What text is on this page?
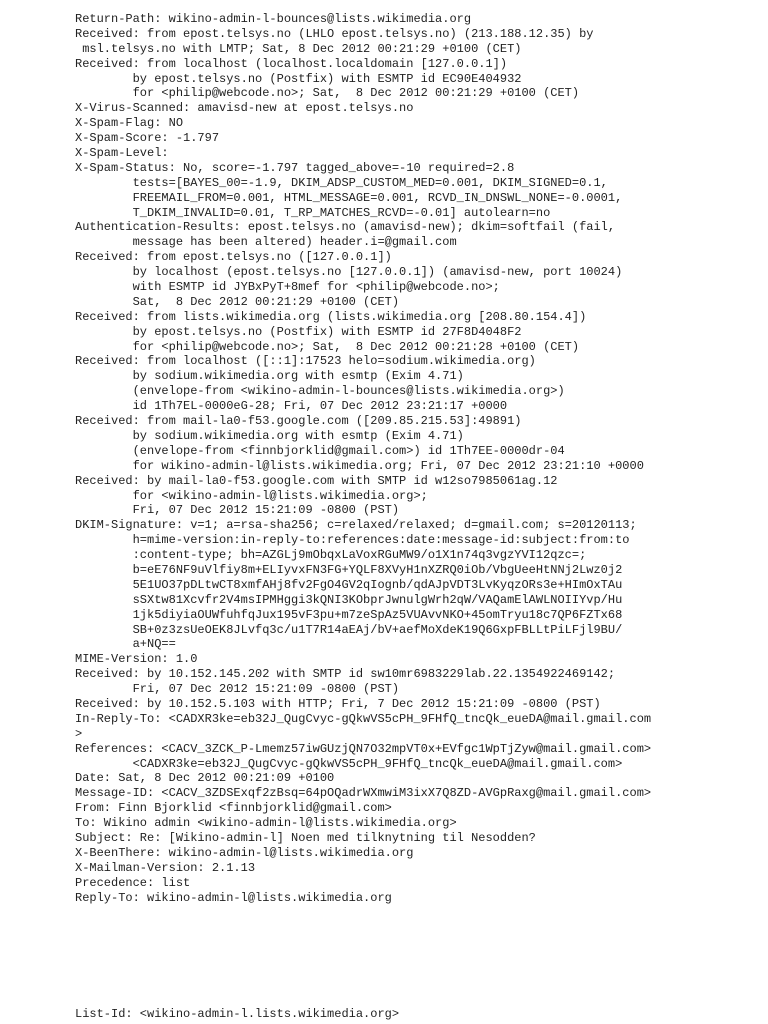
Return-Path: wikino-admin-l-bounces@lists.wikimedia.org
Received: from epost.telsys.no (LHLO epost.telsys.no) (213.188.12.35) by
msl.telsys.no with LMTP; Sat, 8 Dec 2012 00:21:29 +0100 (CET)
Received: from localhost (localhost.localdomain [127.0.0.1])
by epost.telsys.no (Postfix) with ESMTP id EC90E404932
for <philip@webcode.no>; Sat,  8 Dec 2012 00:21:29 +0100 (CET)
X-Virus-Scanned: amavisd-new at epost.telsys.no
X-Spam-Flag: NO
X-Spam-Score: -1.797
X-Spam-Level:
X-Spam-Status: No, score=-1.797 tagged_above=-10 required=2.8
tests=[BAYES_00=-1.9, DKIM_ADSP_CUSTOM_MED=0.001, DKIM_SIGNED=0.1,
FREEMAIL_FROM=0.001, HTML_MESSAGE=0.001, RCVD_IN_DNSWL_NONE=-0.0001,
T_DKIM_INVALID=0.01, T_RP_MATCHES_RCVD=-0.01] autolearn=no
Authentication-Results: epost.telsys.no (amavisd-new); dkim=softfail (fail,
message has been altered) header.i=@gmail.com
Received: from epost.telsys.no ([127.0.0.1])
by localhost (epost.telsys.no [127.0.0.1]) (amavisd-new, port 10024)
with ESMTP id JYBxPyT+8mef for <philip@webcode.no>;
Sat,  8 Dec 2012 00:21:29 +0100 (CET)
Received: from lists.wikimedia.org (lists.wikimedia.org [208.80.154.4])
by epost.telsys.no (Postfix) with ESMTP id 27F8D4048F2
for <philip@webcode.no>; Sat,  8 Dec 2012 00:21:28 +0100 (CET)
Received: from localhost ([::1]:17523 helo=sodium.wikimedia.org)
by sodium.wikimedia.org with esmtp (Exim 4.71)
(envelope-from <wikino-admin-l-bounces@lists.wikimedia.org>)
id 1Th7EL-0000eG-28; Fri, 07 Dec 2012 23:21:17 +0000
Received: from mail-la0-f53.google.com ([209.85.215.53]:49891)
by sodium.wikimedia.org with esmtp (Exim 4.71)
(envelope-from <finnbjorklid@gmail.com>) id 1Th7EE-0000dr-04
for wikino-admin-l@lists.wikimedia.org; Fri, 07 Dec 2012 23:21:10 +0000
Received: by mail-la0-f53.google.com with SMTP id w12so7985061ag.12
for <wikino-admin-l@lists.wikimedia.org>;
Fri, 07 Dec 2012 15:21:09 -0800 (PST)
DKIM-Signature: v=1; a=rsa-sha256; c=relaxed/relaxed; d=gmail.com; s=20120113;
h=mime-version:in-reply-to:references:date:message-id:subject:from:to
:content-type; bh=AZGLj9mObqxLaVoxRGuMW9/o1X1n74q3vgzYVI12qzc=;
b=eE76NF9uVlfiy8m+ELIyvxFN3FG+YQLF8XVyH1nXZRQ0iOb/VbgUeeHtNNj2Lwz0j2
5E1UO37pDLtwCT8xmfAHj8fv2FgO4GV2qIognb/qdAJpVDT3LvKyqzORs3e+HImOxTAu
sSXtw81Xcvfr2V4msIPMHggi3kQNI3KObprJwnulgWrh2qW/VAQamElAWLNOIIYvp/Hu
1jk5diyiaOUWfuhfqJux195vF3pu+m7zeSpAz5VUAvvNKO+45omTryu18c7QP6FZTx68
SB+0z3zsUeOEK8JLvfq3c/u1T7R14aEAj/bV+aefMoXdeK19Q6GxpFBLLtPiLFjl9BU/
a+NQ==
MIME-Version: 1.0
Received: by 10.152.145.202 with SMTP id sw10mr6983229lab.22.1354922469142;
Fri, 07 Dec 2012 15:21:09 -0800 (PST)
Received: by 10.152.5.103 with HTTP; Fri, 7 Dec 2012 15:21:09 -0800 (PST)
In-Reply-To: <CADXR3ke=eb32J_QugCvyc-gQkwVS5cPH_9FHfQ_tncQk_eueDA@mail.gmail.com
>
References: <CACV_3ZCK_P-Lmemz57iwGUzjQN7O32mpVT0x+EVfgc1WpTjZyw@mail.gmail.com>
<CADXR3ke=eb32J_QugCvyc-gQkwVS5cPH_9FHfQ_tncQk_eueDA@mail.gmail.com>
Date: Sat, 8 Dec 2012 00:21:09 +0100
Message-ID: <CACV_3ZDSExqf2zBsq=64pOQadrWXmwiM3ixX7Q8ZD-AVGpRaxg@mail.gmail.com>
From: Finn Bjorklid <finnbjorklid@gmail.com>
To: Wikino admin <wikino-admin-l@lists.wikimedia.org>
Subject: Re: [Wikino-admin-l] Noen med tilknytning til Nesodden?
X-BeenThere: wikino-admin-l@lists.wikimedia.org
X-Mailman-Version: 2.1.13
Precedence: list
Reply-To: wikino-admin-l@lists.wikimedia.org
List-Id: <wikino-admin-l.lists.wikimedia.org>
